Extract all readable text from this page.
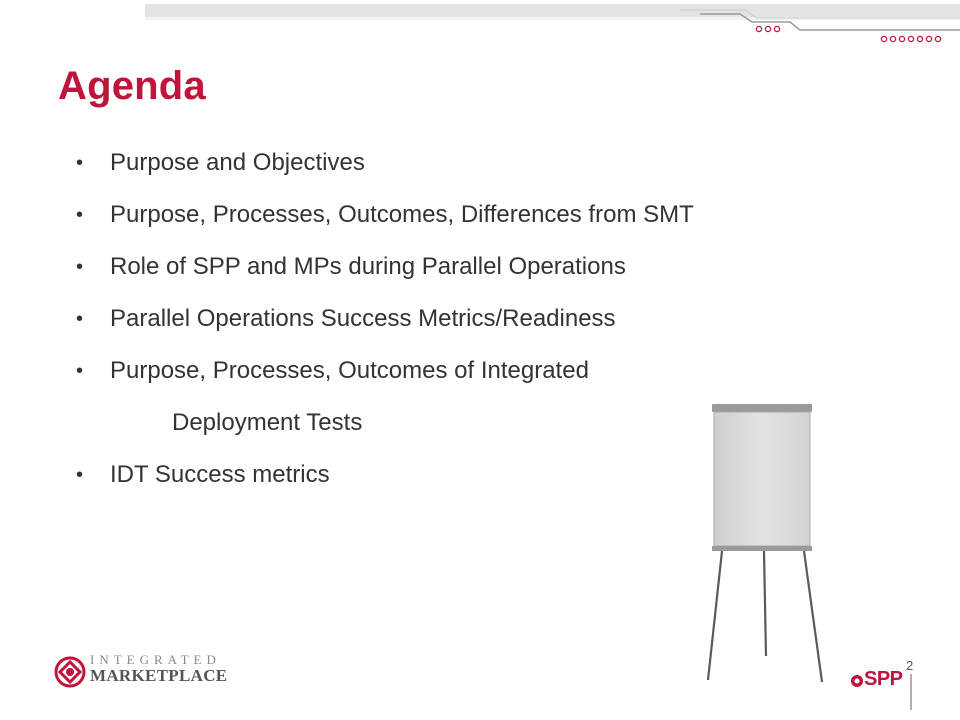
Agenda
• Purpose and Objectives
• Purpose, Processes, Outcomes, Differences from SMT
• Role of SPP and MPs during Parallel Operations
• Parallel Operations Success Metrics/Readiness
• Purpose, Processes, Outcomes of Integrated
Deployment Tests
• IDT Success metrics
INTEGRATED
MARKETPLACE	SPP
2
